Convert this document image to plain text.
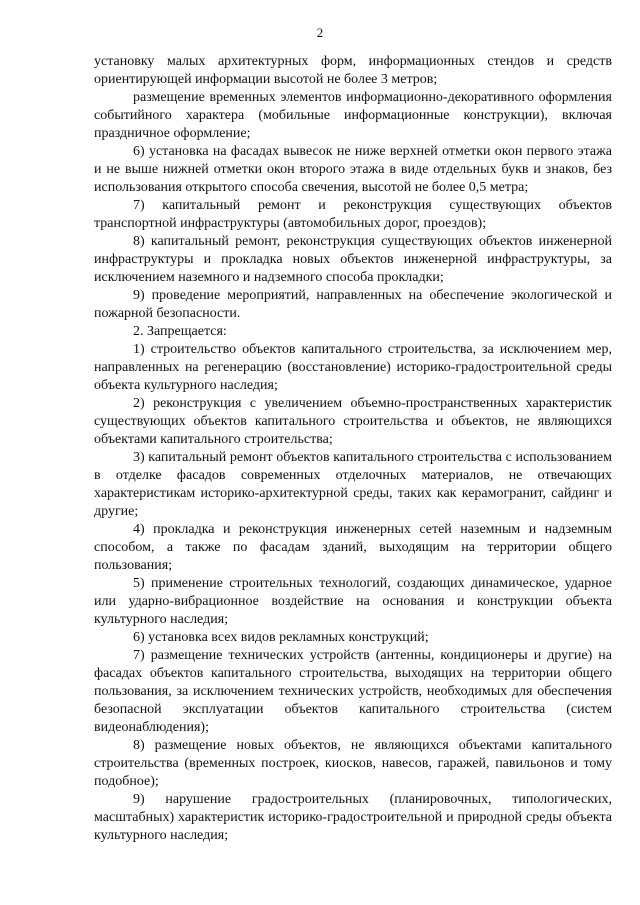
2

установку малых архитектурных форм, информационных стендов и средств ориентирующей информации высотой не более 3 метров;

размещение временных элементов информационно-декоративного оформления событийного характера (мобильные информационные конструкции), включая праздничное оформление;

6) установка на фасадах вывесок не ниже верхней отметки окон первого этажа и не выше нижней отметки окон второго этажа в виде отдельных букв и знаков, без использования открытого способа свечения, высотой не более 0,5 метра;

7) капитальный ремонт и реконструкция существующих объектов транспортной инфраструктуры (автомобильных дорог, проездов);

8) капитальный ремонт, реконструкция существующих объектов инженерной инфраструктуры и прокладка новых объектов инженерной инфраструктуры, за исключением наземного и надземного способа прокладки;

9) проведение мероприятий, направленных на обеспечение экологической и пожарной безопасности.

2. Запрещается:

1) строительство объектов капитального строительства, за исключением мер, направленных на регенерацию (восстановление) историко-градостроительной среды объекта культурного наследия;

2) реконструкция с увеличением объемно-пространственных характеристик существующих объектов капитального строительства и объектов, не являющихся объектами капитального строительства;

3) капитальный ремонт объектов капитального строительства с использованием в отделке фасадов современных отделочных материалов, не отвечающих характеристикам историко-архитектурной среды, таких как керамогранит, сайдинг и другие;

4) прокладка и реконструкция инженерных сетей наземным и надземным способом, а также по фасадам зданий, выходящим на территории общего пользования;

5) применение строительных технологий, создающих динамическое, ударное или ударно-вибрационное воздействие на основания и конструкции объекта культурного наследия;

6) установка всех видов рекламных конструкций;

7) размещение технических устройств (антенны, кондиционеры и другие) на фасадах объектов капитального строительства, выходящих на территории общего пользования, за исключением технических устройств, необходимых для обеспечения безопасной эксплуатации объектов капитального строительства (систем видеонаблюдения);

8) размещение новых объектов, не являющихся объектами капитального строительства (временных построек, киосков, навесов, гаражей, павильонов и тому подобное);

9) нарушение градостроительных (планировочных, типологических, масштабных) характеристик историко-градостроительной и природной среды объекта культурного наследия;
